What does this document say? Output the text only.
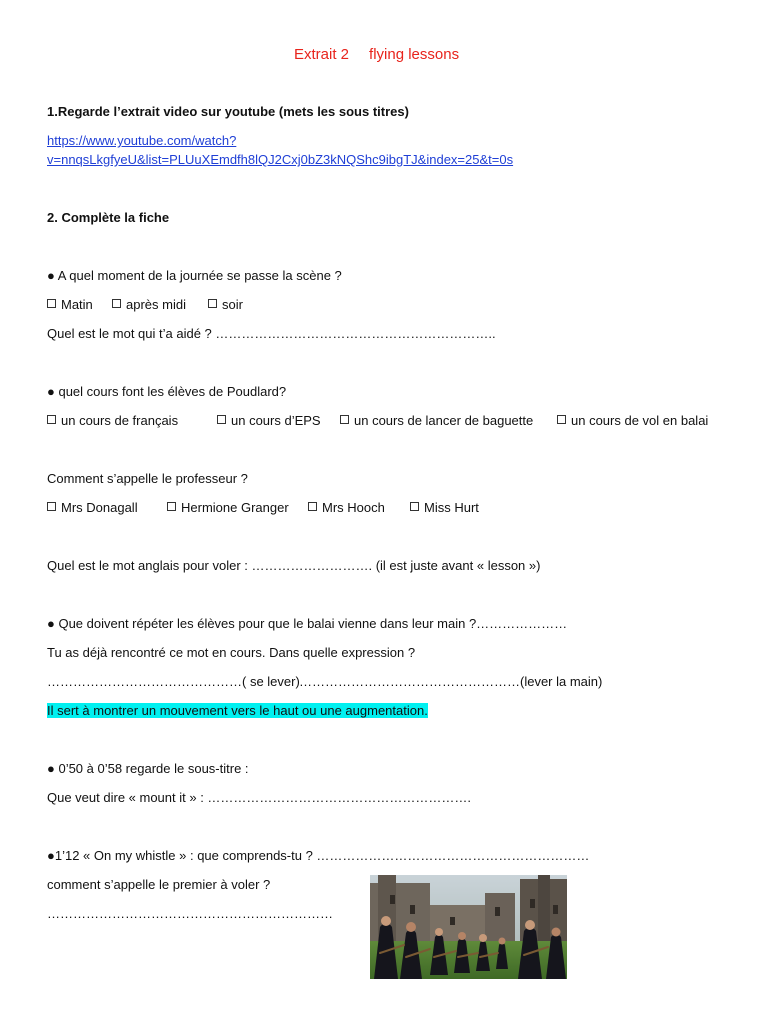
Extrait 2 flying lessons

1.Regarde l’extrait video sur youtube (mets les sous titres)

https://www.youtube.com/watch?

v=nnqsLkgfyeU&list=PLUuXEmdfh8lQJ2Cxj0bZ3kNQShc9ibgTJ&index=25&t=0s

2. Complète la fiche

● A quel moment de la journée se passe la scène ?

Matin	après midi	soir

Quel est le mot qui t’a aidé ? ………………………………………………………..

● quel cours font les élèves de Poudlard?

un cours de français	un cours d’EPS	un cours de lancer de baguette	un cours de vol en balai

Comment s’appelle le professeur ?

Mrs Donagall	Hermione Granger	Mrs Hooch	Miss Hurt

Quel est le mot anglais pour voler : ………………………. (il est juste avant « lesson »)

● Que doivent répéter les élèves pour que le balai vienne dans leur main ?…………………

Tu as déjà rencontré ce mot en cours. Dans quelle expression ?

………………………………………( se lever) ……………………………………………(lever la main)

Il sert à montrer un mouvement vers le haut ou une augmentation.

● 0’50 à 0’58 regarde le sous-titre :

Que veut dire « mount it » : …………………………………………………….

●1’12 « On my whistle » : que comprends-tu ? ………………………………………………………

comment s’appelle le premier à voler ?

…………………………………………………………
